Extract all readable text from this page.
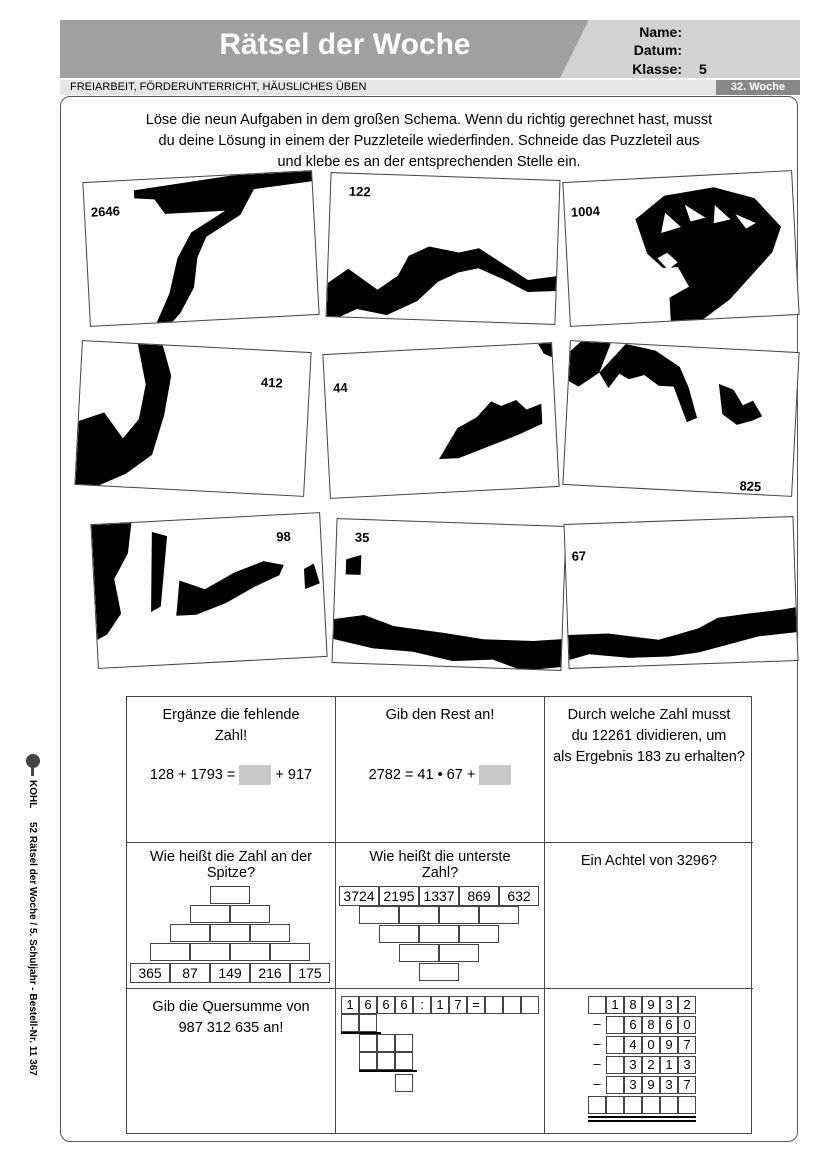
Rätsel der Woche	Name:
Datum:
Klasse: 5
FREIARBEIT, FÖRDERUNTERRICHT, HÄUSLICHES ÜBEN	32. Woche
Löse die neun Aufgaben in dem großen Schema. Wenn du richtig gerechnet hast, musst
du deine Lösung in einem der Puzzleteile wiederfinden. Schneide das Puzzleteil aus
und klebe es an der entsprechenden Stelle ein.
2646
122
1004
412	44
825
98	35
67
Ergänze die fehlende
Zahl!
128 + 1793 =	+ 917
Gib den Rest an!
2782 = 41 • 67 +
Durch welche Zahl musst
du 12261 dividieren, um
als Ergebnis 183 zu erhalten?
Wie heißt die Zahl an der
Spitze?
Wie heißt die unterste
Zahl?
Ein Achtel von 3296?
Gib die Quersumme von
987 312 635 an!
365	87	149	216	175
3724 2195 1337 869	632
1 6 6 6 : 1 7 =	1 8 9 3 2
–	6 8 6 0
–	4 0 9 7
–	3 2 1 3
–	3 9 3 7
KOHL
52 Rätsel der Woche / 5. Schuljahr - Bestell-Nr. 11 367
